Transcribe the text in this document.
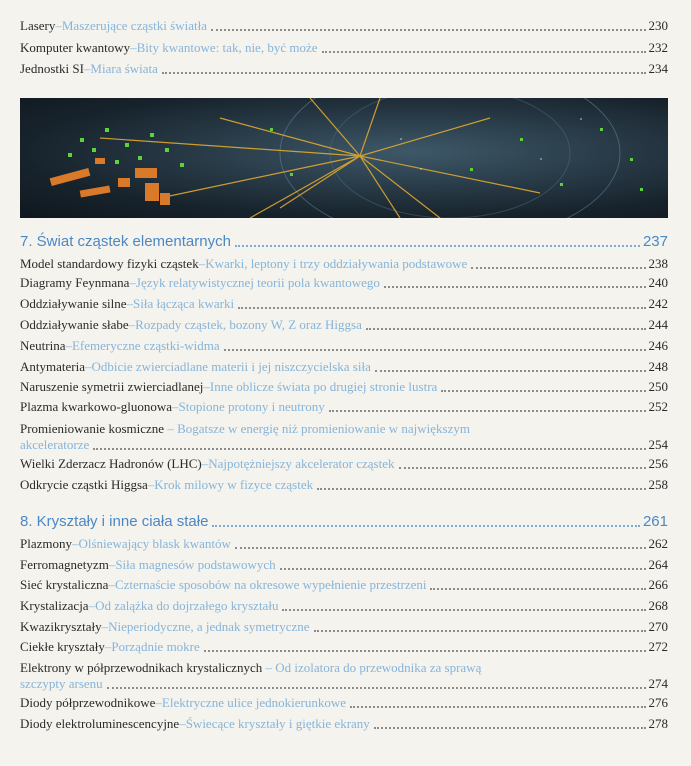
Lasery – Maszerujące cząstki światła	230
Komputer kwantowy – Bity kwantowe: tak, nie, być może	232
Jednostki SI – Miara świata	234
7. Świat cząstek elementarnych	237
Model standardowy fizyki cząstek – Kwarki, leptony i trzy oddziaływania podstawowe	238
Diagramy Feynmana – Język relatywistycznej teorii pola kwantowego	240
Oddziaływanie silne – Siła łącząca kwarki	242
Oddziaływanie słabe – Rozpady cząstek, bozony W, Z oraz Higgsa	244
Neutrina – Efemeryczne cząstki-widma	246
Antymateria – Odbicie zwierciadlane materii i jej niszczycielska siła	248
Naruszenie symetrii zwierciadlanej – Inne oblicze świata po drugiej stronie lustra	250
Plazma kwarkowo-gluonowa – Stopione protony i neutrony	252
Promieniowanie kosmiczne – Bogatsze w energię niż promieniowanie w największym
akceleratorze	254
Wielki Zderzacz Hadronów (LHC) – Najpotężniejszy akcelerator cząstek	256
Odkrycie cząstki Higgsa – Krok milowy w fizyce cząstek	258
8. Kryształy i inne ciała stałe	261
Plazmony – Olśniewający blask kwantów	262
Ferromagnetyzm – Siła magnesów podstawowych	264
Sieć krystaliczna – Czternaście sposobów na okresowe wypełnienie przestrzeni	266
Krystalizacja – Od zalążka do dojrzałego kryształu	268
Kwazikryształy – Nieperiodyczne, a jednak symetryczne	270
Ciekłe kryształy – Porządnie mokre	272
Elektrony w półprzewodnikach krystalicznych – Od izolatora do przewodnika za sprawą
szczypty arsenu	274
Diody półprzewodnikowe – Elektryczne ulice jednokierunkowe	276
Diody elektroluminescencyjne – Świecące kryształy i giętkie ekrany	278
